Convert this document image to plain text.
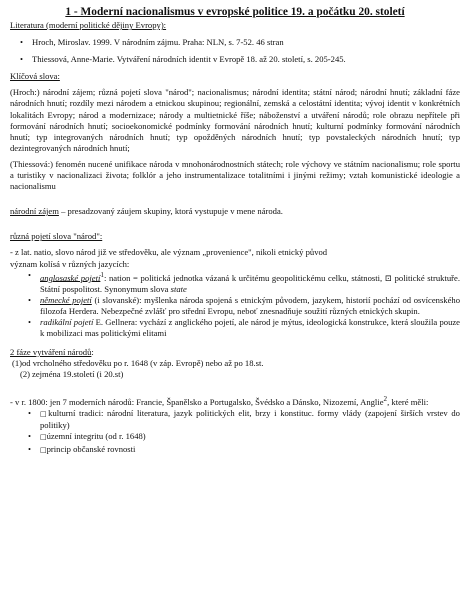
1 - Moderní nacionalismus v evropské politice 19. a počátku 20. století
Literatura (moderní politické dějiny Evropy):
• Hroch, Miroslav. 1999. V národním zájmu. Praha: NLN, s. 7-52. 46 stran
• Thiessová, Anne-Marie. Vytváření národních identit v Evropě 18. až 20. století, s. 205-245.
Klíčová slova:

(Hroch:) národní zájem; různá pojetí slova "národ"; nacionalismus; národní identita; státní národ; národní hnutí; základní fáze národních hnutí; rozdíly mezi národem a etnickou skupinou; regionální, zemská a celostátní identita; vývoj identit v konkrétních lokalitách Evropy; národ a modernizace; národy a multietnické říše; náboženství a utváření národů; role obrazu nepřítele při formování národních hnutí; socioekonomické podmínky formování národních hnutí; kulturní podmínky formování národních hnutí; typ integrovaných národních hnutí; typ opožděných národních hnutí; typ povstaleckých národních hnutí; typ dezintegrovaných národních hnutí;

(Thiessová:) fenomén nucené unifikace národa v mnohonárodnostních státech; role výchovy ve státním nacionalismu; role sportu a turistiky v nacionalizaci života; folklór a jeho instrumentalizace totalitními i jinými režimy; vztah komunistické ideologie a nacionalismu

národní zájem – presadzovaný záujem skupiny, ktorá vystupuje v mene národa.

různá pojetí slova "národ":

- z lat. natio, slovo národ již ve středověku, ale význam „provenience", nikoli etnický původ

význam kolísá v různých jazycích:

• anglosaské pojetí$^1$: nation = politická jednotka vázaná k určitému geopolitickému celku, státnosti, ⊡ politické struktuře. Státní pospolitost. Synonymum slova state
• německé pojetí (i slovanské): myšlenka národa spojená s etnickým původem, jazykem, historií pochází od osvícenského filozofa Herdera. Nebezpečné zvlášť pro střední Evropu, neboť znesnadňuje soužití různých etnických skupin.
• radikální pojetí E. Gellnera: vychází z anglického pojetí, ale národ je mýtus, ideologická konstrukce, která sloužila pouze k mobilizaci mas politickými elitami
2 fáze vytváření národů:
(1) od vrcholného středověku po r. 1648 (v záp. Evropě) nebo až po 18.st.
(2) zejména 19.století (i 20.st)

- v r. 1800: jen 7 moderních národů: Francie, Španělsko a Portugalsko, Švédsko a Dánsko, Nizozemí, Anglie$^2$, které měli:

• □kulturní tradici: národní literatura, jazyk politických elit, brzy i konstituc. formy vlády (zapojení širších vrstev do politiky)
• □územní integritu (od r. 1648)
• □princip občanské rovnosti
